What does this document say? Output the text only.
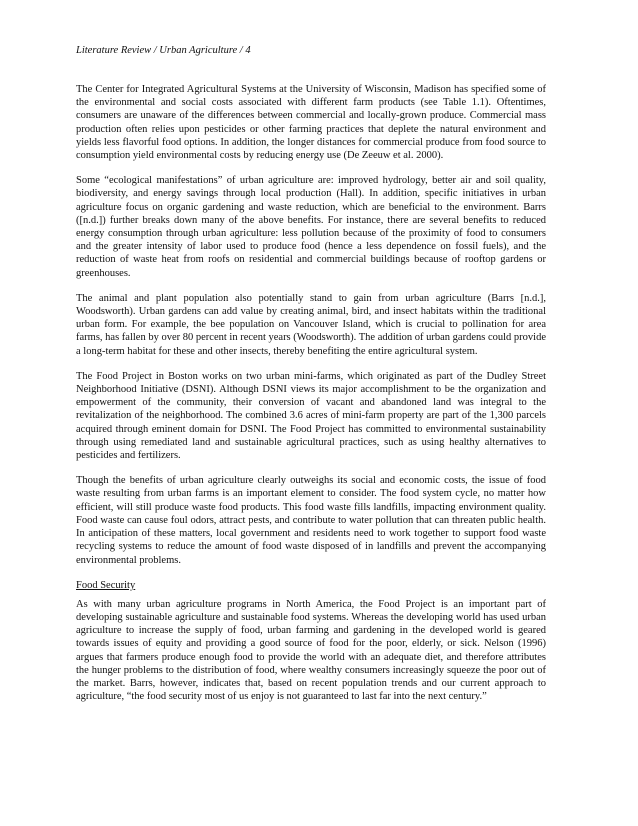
Literature Review / Urban Agriculture / 4

The Center for Integrated Agricultural Systems at the University of Wisconsin, Madison has specified some of the environmental and social costs associated with different farm products (see Table 1.1). Oftentimes, consumers are unaware of the differences between commercial and locally-grown produce. Commercial mass production often relies upon pesticides or other farming practices that deplete the natural environment and yields less flavorful food options. In addition, the longer distances for commercial produce from food source to consumption yield environmental costs by reducing energy use (De Zeeuw et al. 2000).

Some “ecological manifestations” of urban agriculture are: improved hydrology, better air and soil quality, biodiversity, and energy savings through local production (Hall). In addition, specific initiatives in urban agriculture focus on organic gardening and waste reduction, which are beneficial to the environment. Barrs ([n.d.]) further breaks down many of the above benefits. For instance, there are several benefits to reduced energy consumption through urban agriculture: less pollution because of the proximity of food to consumers and the greater intensity of labor used to produce food (hence a less dependence on fossil fuels), and the reduction of waste heat from roofs on residential and commercial buildings because of rooftop gardens or greenhouses.

The animal and plant population also potentially stand to gain from urban agriculture (Barrs [n.d.], Woodsworth). Urban gardens can add value by creating animal, bird, and insect habitats within the traditional urban form. For example, the bee population on Vancouver Island, which is crucial to pollination for area farms, has fallen by over 80 percent in recent years (Woodsworth). The addition of urban gardens could provide a long-term habitat for these and other insects, thereby benefiting the entire agricultural system.

The Food Project in Boston works on two urban mini-farms, which originated as part of the Dudley Street Neighborhood Initiative (DSNI). Although DSNI views its major accomplishment to be the organization and empowerment of the community, their conversion of vacant and abandoned land was integral to the revitalization of the neighborhood. The combined 3.6 acres of mini-farm property are part of the 1,300 parcels acquired through eminent domain for DSNI. The Food Project has committed to environmental sustainability through using remediated land and sustainable agricultural practices, such as using healthy alternatives to pesticides and fertilizers.

Though the benefits of urban agriculture clearly outweighs its social and economic costs, the issue of food waste resulting from urban farms is an important element to consider. The food system cycle, no matter how efficient, will still produce waste food products. This food waste fills landfills, impacting environment quality. Food waste can cause foul odors, attract pests, and contribute to water pollution that can threaten public health. In anticipation of these matters, local government and residents need to work together to support food waste recycling systems to reduce the amount of food waste disposed of in landfills and prevent the accompanying environmental problems.

Food Security

As with many urban agriculture programs in North America, the Food Project is an important part of developing sustainable agriculture and sustainable food systems. Whereas the developing world has used urban agriculture to increase the supply of food, urban farming and gardening in the developed world is geared towards issues of equity and providing a good source of food for the poor, elderly, or sick. Nelson (1996) argues that farmers produce enough food to provide the world with an adequate diet, and therefore attributes the hunger problems to the distribution of food, where wealthy consumers increasingly squeeze the poor out of the market. Barrs, however, indicates that, based on recent population trends and our current approach to agriculture, “the food security most of us enjoy is not guaranteed to last far into the next century.”
